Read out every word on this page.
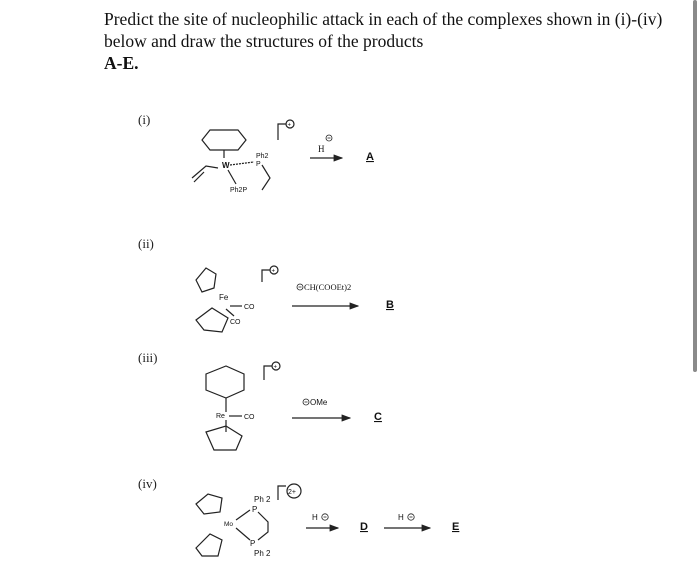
Predict the site of nucleophilic attack in each of the complexes shown in (i)-(iv) below and draw the structures of the products
A-E.
(i)
(ii)
(iii)
(iv)
W
Ph2
P
Ph2P
+
H
A
Fe
CO
CO
+
CH(COOEt)2
B
Re	CO
+
OMe
C
Mo
Ph 2
P
P
Ph 2
2+
H
D
H
E
